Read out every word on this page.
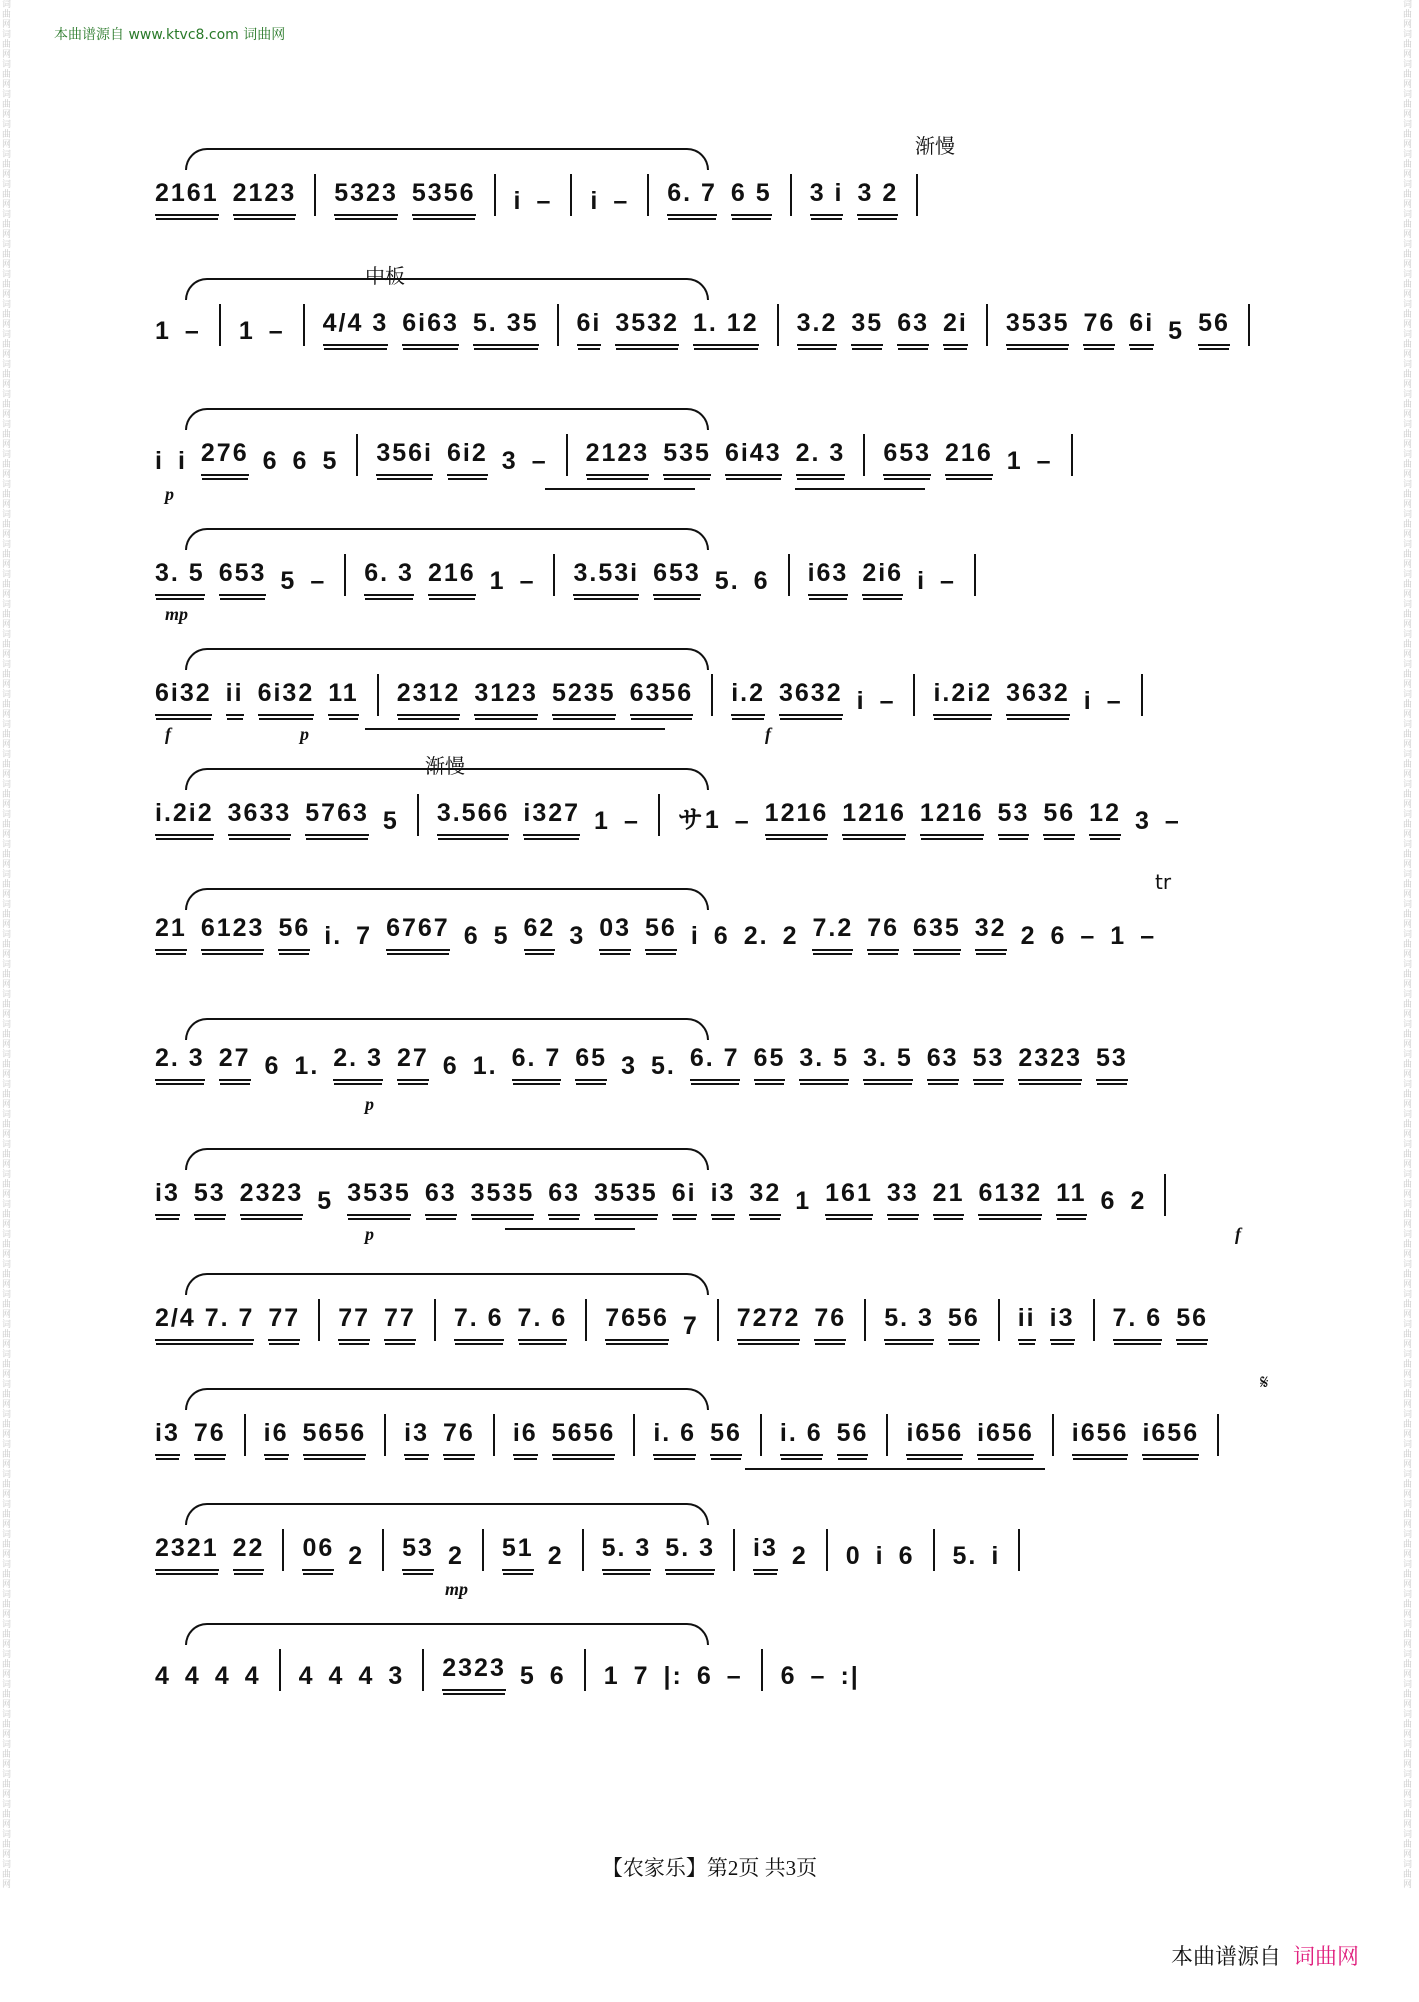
本曲谱源自 www.ktvc8.com 词曲网
词曲网词曲网词曲网词曲网词曲网词曲网词曲网词曲网词曲网词曲网词曲网词曲网词曲网词曲网词曲网词曲网词曲网词曲网词曲网词曲网词曲网词曲网词曲网词曲网词曲网词曲网词曲网词曲网词曲网词曲网词曲网词曲网词曲网词曲网词曲网词曲网词曲网词曲网词曲网词曲网词曲网词曲网词曲网词曲网词曲网词曲网词曲网词曲网词曲网词曲网词曲网词曲网词曲网词曲网词曲网词曲网词曲网词曲网词曲网词曲网词曲网词曲网词曲网
词曲网词曲网词曲网词曲网词曲网词曲网词曲网词曲网词曲网词曲网词曲网词曲网词曲网词曲网词曲网词曲网词曲网词曲网词曲网词曲网词曲网词曲网词曲网词曲网词曲网词曲网词曲网词曲网词曲网词曲网词曲网词曲网词曲网词曲网词曲网词曲网词曲网词曲网词曲网词曲网词曲网词曲网词曲网词曲网词曲网词曲网词曲网词曲网词曲网词曲网词曲网词曲网词曲网词曲网词曲网词曲网词曲网词曲网词曲网词曲网词曲网词曲网词曲网
渐慢
2161 2123 5323 5356 i – i – 6. 7 6 5 3 i 3 2
中板
1 – 1 – 4/4 3 6i63 5. 35 6i 3532 1. 12 3.2 35 63 2i 3535 76 6i 5 56
p
i i 276 6 6 5 356i 6i2 3 – 2123 535 6i43 2. 3 653 216 1 –
mp
3. 5 653 5 – 6. 3 216 1 – 3.53i 653 5. 6 i63 2i6 i –
f	p	f
6i32 ii 6i32 11 2312 3123 5235 6356 i.2 3632 i – i.2i2 3632 i –
渐慢
i.2i2 3633 5763 5 3.566 i327 1 – サ1 – 1216 1216 1216 53 56 12 3 –
tr
21 6123 56 i. 7 6767 6 5 62 3 03 56 i 6 2. 2 7.2 76 635 32 2 6 – 1 –
p
2. 3 27 6 1. 2. 3 27 6 1. 6. 7 65 3 5. 6. 7 65 3. 5 3. 5 63 53 2323 53
p	f
i3 53 2323 5 3535 63 3535 63 3535 6i i3 32 1 161 33 21 6132 11 6 2
2/4 7. 7 77 77 77 7. 6 7. 6 7656 7 7272 76 5. 3 56 ii i3 7. 6 56
𝄋
i3 76 i6 5656 i3 76 i6 5656 i. 6 56 i. 6 56 i656 i656 i656 i656
mp
2321 22 06 2 53 2 51 2 5. 3 5. 3 i3 2 0 i 6 5. i
4 4 4 4 4 4 4 3 2323 5 6 1 7 |: 6 – 6 – :|
【农家乐】第2页 共3页
本曲谱源自 词曲网
